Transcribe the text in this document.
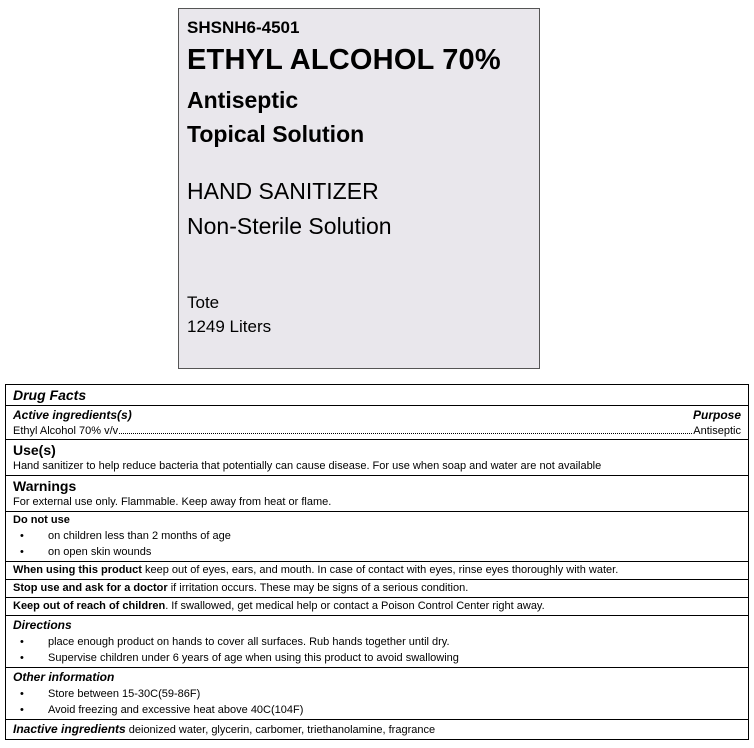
SHSNH6-4501
ETHYL ALCOHOL 70%
Antiseptic
Topical Solution
HAND SANITIZER
Non-Sterile Solution
Tote
1249 Liters
Drug Facts
Active ingredients(s)	Purpose
Ethyl Alcohol 70% v/v	Antiseptic
Use(s)
Hand sanitizer to help reduce bacteria that potentially can cause disease. For use when soap and water are not available
Warnings
For external use only. Flammable. Keep away from heat or flame.
Do not use
• on children less than 2 months of age
• on open skin wounds
When using this product keep out of eyes, ears, and mouth. In case of contact with eyes, rinse eyes thoroughly with water.
Stop use and ask for a doctor if irritation occurs. These may be signs of a serious condition.
Keep out of reach of children. If swallowed, get medical help or contact a Poison Control Center right away.
Directions
• place enough product on hands to cover all surfaces. Rub hands together until dry.
• Supervise children under 6 years of age when using this product to avoid swallowing
Other information
• Store between 15-30C(59-86F)
• Avoid freezing and excessive heat above 40C(104F)
Inactive ingredients deionized water, glycerin, carbomer, triethanolamine, fragrance
